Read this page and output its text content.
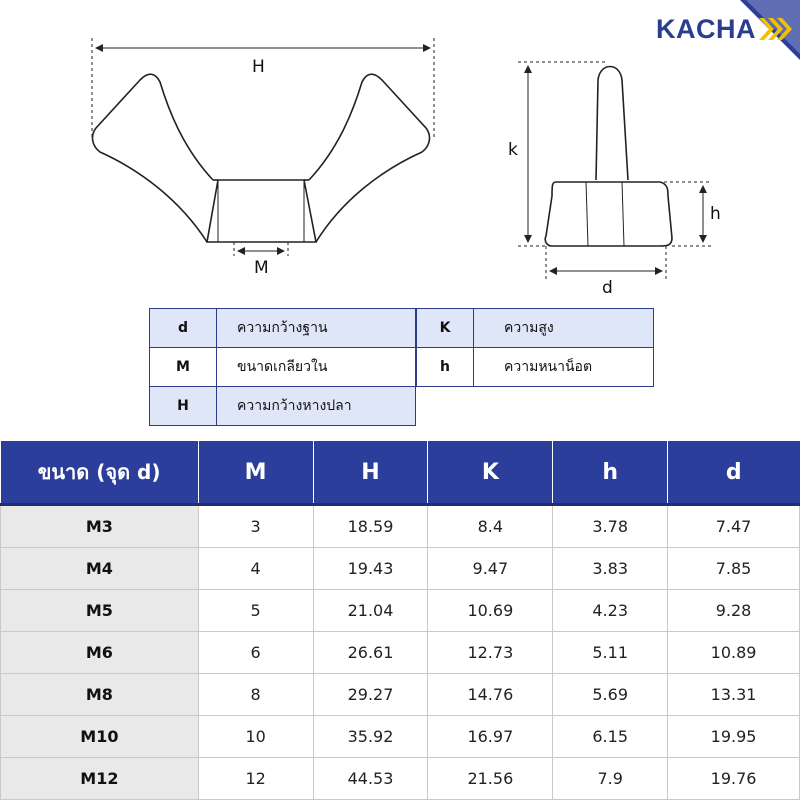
KACHA
H
M
k
h
d
d	ความกว้างฐาน
M	ขนาดเกลียวใน
H	ความกว้างหางปลา
K	ความสูง
h	ความหนาน็อต
ขนาด (จุด d)	M	H	K	h	d
M3	3	18.59	8.4	3.78	7.47
M4	4	19.43	9.47	3.83	7.85
M5	5	21.04	10.69	4.23	9.28
M6	6	26.61	12.73	5.11	10.89
M8	8	29.27	14.76	5.69	13.31
M10	10	35.92	16.97	6.15	19.95
M12	12	44.53	21.56	7.9	19.76
